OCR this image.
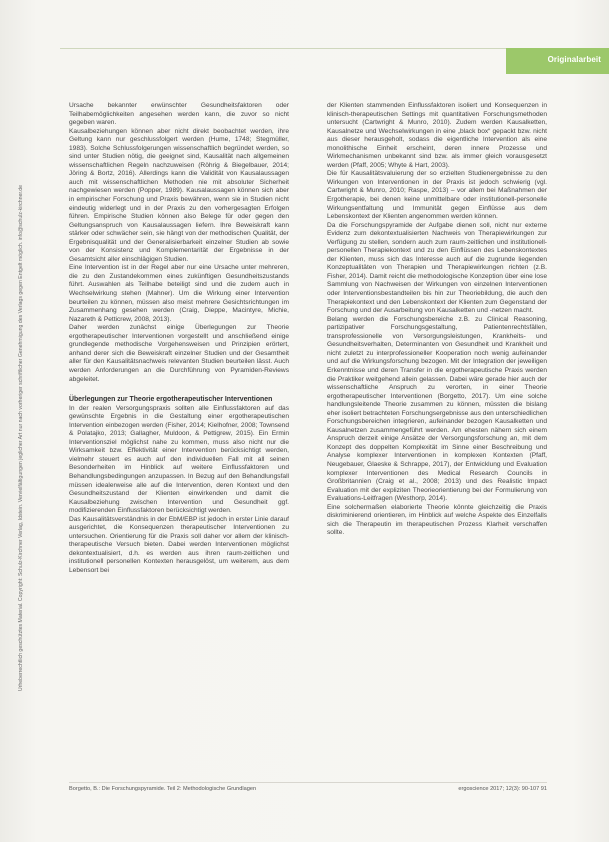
Originalarbeit
Urheberrechtlich geschütztes Material. Copyright: Schulz-Kirchner Verlag, Idstein. Vervielfältigungen jeglicher Art nur nach vorheriger schriftlicher Genehmigung des Verlags gegen Entgelt möglich. info@schulz-kirchner.de

Ursache bekannter erwünschter Gesundheitsfaktoren oder Teilhabemöglichkeiten angesehen werden kann, die zuvor so nicht gegeben waren.

Kausalbeziehungen können aber nicht direkt beobachtet werden, ihre Geltung kann nur geschlussfolgert werden (Hume, 1748; Stegmüller, 1983). Solche Schlussfolgerungen wissenschaftlich begründet werden, so sind unter Studien nötig, die geeignet sind, Kausalität nach allgemeinen wissenschaftlichen Regeln nachzuweisen (Röhrig & Biegelbauer, 2014; Jöring & Bortz, 2016). Allerdings kann die Validität von Kausalaussagen auch mit wissenschaftlichen Methoden nie mit absoluter Sicherheit nachgewiesen werden (Popper, 1989). Kausalaussagen können sich aber in empirischer Forschung und Praxis bewähren, wenn sie in Studien nicht eindeutig widerlegt und in der Praxis zu den vorhergesagten Erfolgen führen. Empirische Studien können also Belege für oder gegen den Geltungsanspruch von Kausalaussagen liefern. Ihre Beweiskraft kann stärker oder schwächer sein, sie hängt von der methodischen Qualität, der Ergebnisqualität und der Generalisierbarkeit einzelner Studien ab sowie von der Konsistenz und Komplementarität der Ergebnisse in der Gesamtsicht aller einschlägigen Studien.

Eine Intervention ist in der Regel aber nur eine Ursache unter mehreren, die zu den Zustandekommen eines zukünftigen Gesundheitszustands führt. Auswahlen als Teilhabe beteiligt sind und die zudem auch in Wechselwirkung stehen (Mahner). Um die Wirkung einer Intervention beurteilen zu können, müssen also meist mehrere Gesichtsrichtungen im Zusammenhang gesehen werden (Craig, Dieppe, Macintyre, Michie, Nazareth & Petticrew, 2008, 2013).

Daher werden zunächst einige Überlegungen zur Theorie ergotherapeutischer Interventionen vorgestellt und anschließend einige grundlegende methodische Vorgehensweisen und Prinzipien erörtert, anhand derer sich die Beweiskraft einzelner Studien und der Gesamtheit aller für den Kausalitätsnachweis relevanten Studien beurteilen lässt. Auch werden Anforderungen an die Durchführung von Pyramiden-Reviews abgeleitet.

Überlegungen zur Theorie ergotherapeutischer Interventionen

In der realen Versorgungspraxis sollten alle Einflussfaktoren auf das gewünschte Ergebnis in die Gestaltung einer ergotherapeutischen Intervention einbezogen werden (Fisher, 2014; Kielhofner, 2008; Townsend & Polatajko, 2013; Gallagher, Muldoon, & Pettigrew, 2015). Ein Ermin Interventionsziel möglichst nahe zu kommen, muss also nicht nur die Wirksamkeit bzw. Effektivität einer Intervention berücksichtigt werden, vielmehr steuert es auch auf den individuellen Fall mit all seinen Besonderheiten im Hinblick auf weitere Einflussfaktoren und Behandlungsbedingungen anzupassen. In Bezug auf den Behandlungsfall müssen idealerweise alle auf die Intervention, deren Kontext und den Gesundheitszustand der Klienten einwirkenden und damit die Kausalbeziehung zwischen Intervention und Gesundheit ggf. modifizierenden Einflussfaktoren berücksichtigt werden.

Das Kausalitätsverständnis in der EbM/EBP ist jedoch in erster Linie darauf ausgerichtet, die Konsequenzen therapeutischer Interventionen zu untersuchen. Orientierung für die Praxis soll daher vor allem der klinisch-therapeutische Versuch bieten. Dabei werden Interventionen möglichst dekontextualisiert, d.h. es werden aus ihren raum-zeitlichen und institutionell personellen Kontexten herausgelöst, um weiterem, aus dem Lebensort bei

der Klienten stammenden Einflussfaktoren isoliert und Konsequenzen in klinisch-therapeutischen Settings mit quantitativen Forschungsmethoden untersucht (Cartwright & Munro, 2010). Zudem werden Kausalketten, Kausalnetze und Wechselwirkungen in eine „black box“ gepackt bzw. nicht aus dieser herausgeholt, sodass die eigentliche Intervention als eine monolithische Einheit erscheint, deren innere Prozesse und Wirkmechanismen unbekannt sind bzw. als immer gleich vorausgesetzt werden (Pfaff, 2005; Whyte & Hart, 2003).

Die für Kausalitätsvaluierung der so erzielten Studienergebnisse zu den Wirkungen von Interventionen in der Praxis ist jedoch schwierig (vgl. Cartwright & Munro, 2010; Raspe, 2013) – vor allem bei Maßnahmen der Ergotherapie, bei denen keine unmittelbare oder institutionell-personelle Wirkungsentfaltung und Immunität gegen Einflüsse aus dem Lebenskontext der Klienten angenommen werden können.

Da die Forschungspyramide der Aufgabe dienen soll, nicht nur externe Evidenz zum dekontextualisierten Nachweis von Therapiewirkungen zur Verfügung zu stellen, sondern auch zum raum-zeitlichen und institutionell-personellen Therapiekontext und zu den Einflüssen des Lebenskontextes der Klienten, muss sich das Interesse auch auf die zugrunde liegenden Konzeptualitäten von Therapien und Therapiewirkungen richten (z.B. Fisher, 2014). Damit reicht die methodologische Konzeption über eine lose Sammlung von Nachweisen der Wirkungen von einzelnen Interventionen oder Interventionsbestandteilen bis hin zur Theoriebildung, die auch den Therapiekontext und den Lebenskontext der Klienten zum Gegenstand der Forschung und der Ausarbeitung von Kausalketten und -netzen macht.

Belang werden die Forschungsbereiche z.B. zu Clinical Reasoning, partizipativer Forschungsgestaltung, Patientenrechtsfällen, transprofessionelle von Versorgungsleistungen, Krankheits- und Gesundheitsverhalten, Determinanten von Gesundheit und Krankheit und nicht zuletzt zu interprofessioneller Kooperation noch wenig aufeinander und auf die Wirkungsforschung bezogen. Mit der Integration der jeweiligen Erkenntnisse und deren Transfer in die ergotherapeutische Praxis werden die Praktiker weitgehend allein gelassen. Dabei wäre gerade hier auch der wissenschaftliche Anspruch zu verorten, in einer Theorie ergotherapeutischer Interventionen (Borgetto, 2017). Um eine solche handlungsleitende Theorie zusammen zu können, müssten die bislang eher isoliert betrachteten Forschungsergebnisse aus den unterschiedlichen Forschungsbereichen integrieren, aufeinander bezogen Kausalketten und Kausalnetzen zusammengeführt werden. Am ehesten nähern sich einem Anspruch derzeit einige Ansätze der Versorgungsforschung an, mit dem Konzept des doppelten Komplexität im Sinne einer Beschreibung und Analyse komplexer Interventionen in komplexen Kontexten (Pfaff, Neugebauer, Glaeske & Schrappe, 2017), der Entwicklung und Evaluation komplexer Interventionen des Medical Research Councils in Großbritannien (Craig et al., 2008; 2013) und des Realistic Impact Evaluation mit der expliziten Theorieorientierung bei der Formulierung von Evaluations-Leitfragen (Westhorp, 2014).

Eine solchermaßen elaborierte Theorie könnte gleichzeitig die Praxis diskriminierend orientieren, im Hinblick auf welche Aspekte des Einzelfalls sich die Therapeutin im therapeutischen Prozess Klarheit verschaffen sollte.

Borgetto, B.: Die Forschungspyramide. Teil 2: Methodologische Grundlagen	ergoscience 2017; 12(3): 90-107 91
